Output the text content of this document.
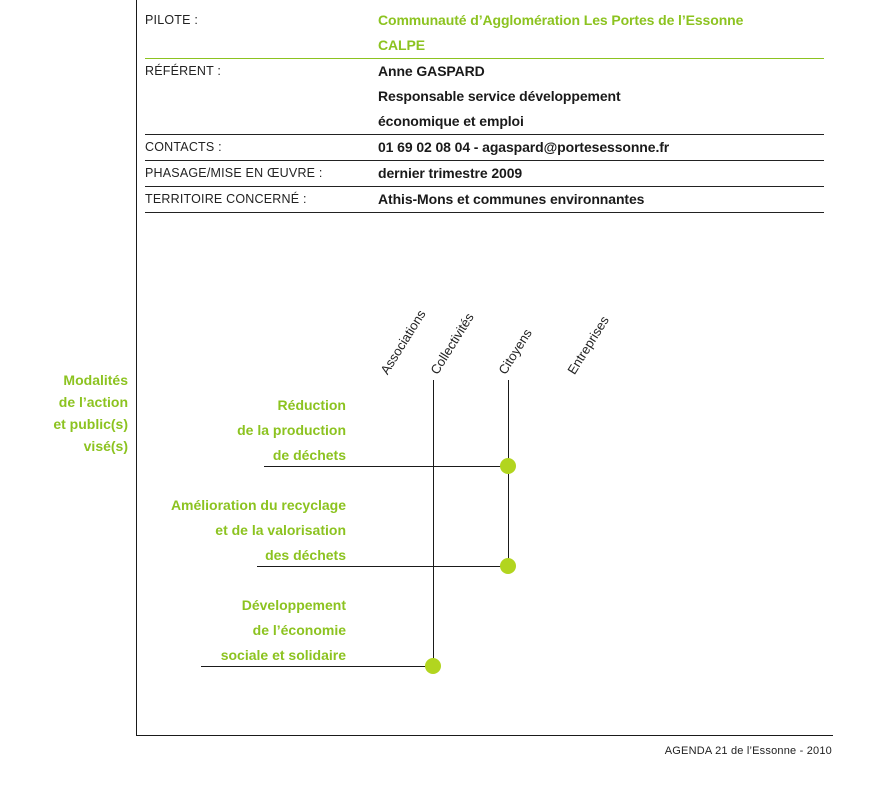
PILOTE :	Communauté d’Agglomération Les Portes de l’Essonne
CALPE
RÉFÉRENT :	Anne GASPARD
Responsable service développement
économique et emploi
CONTACTS :	01 69 02 08 04 - agaspard@portesessonne.fr
PHASAGE/MISE EN ŒUVRE :	dernier trimestre 2009
TERRITOIRE CONCERNÉ :	Athis-Mons et communes environnantes
Modalités
de l’action
et public(s)
visé(s)
Associations
Collectivités Citoyens Entreprises
Réduction
de la production
de déchets
Amélioration du recyclage
et de la valorisation
des déchets
Développement
de l’économie
sociale et solidaire
AGENDA 21 de l’Essonne - 2010
